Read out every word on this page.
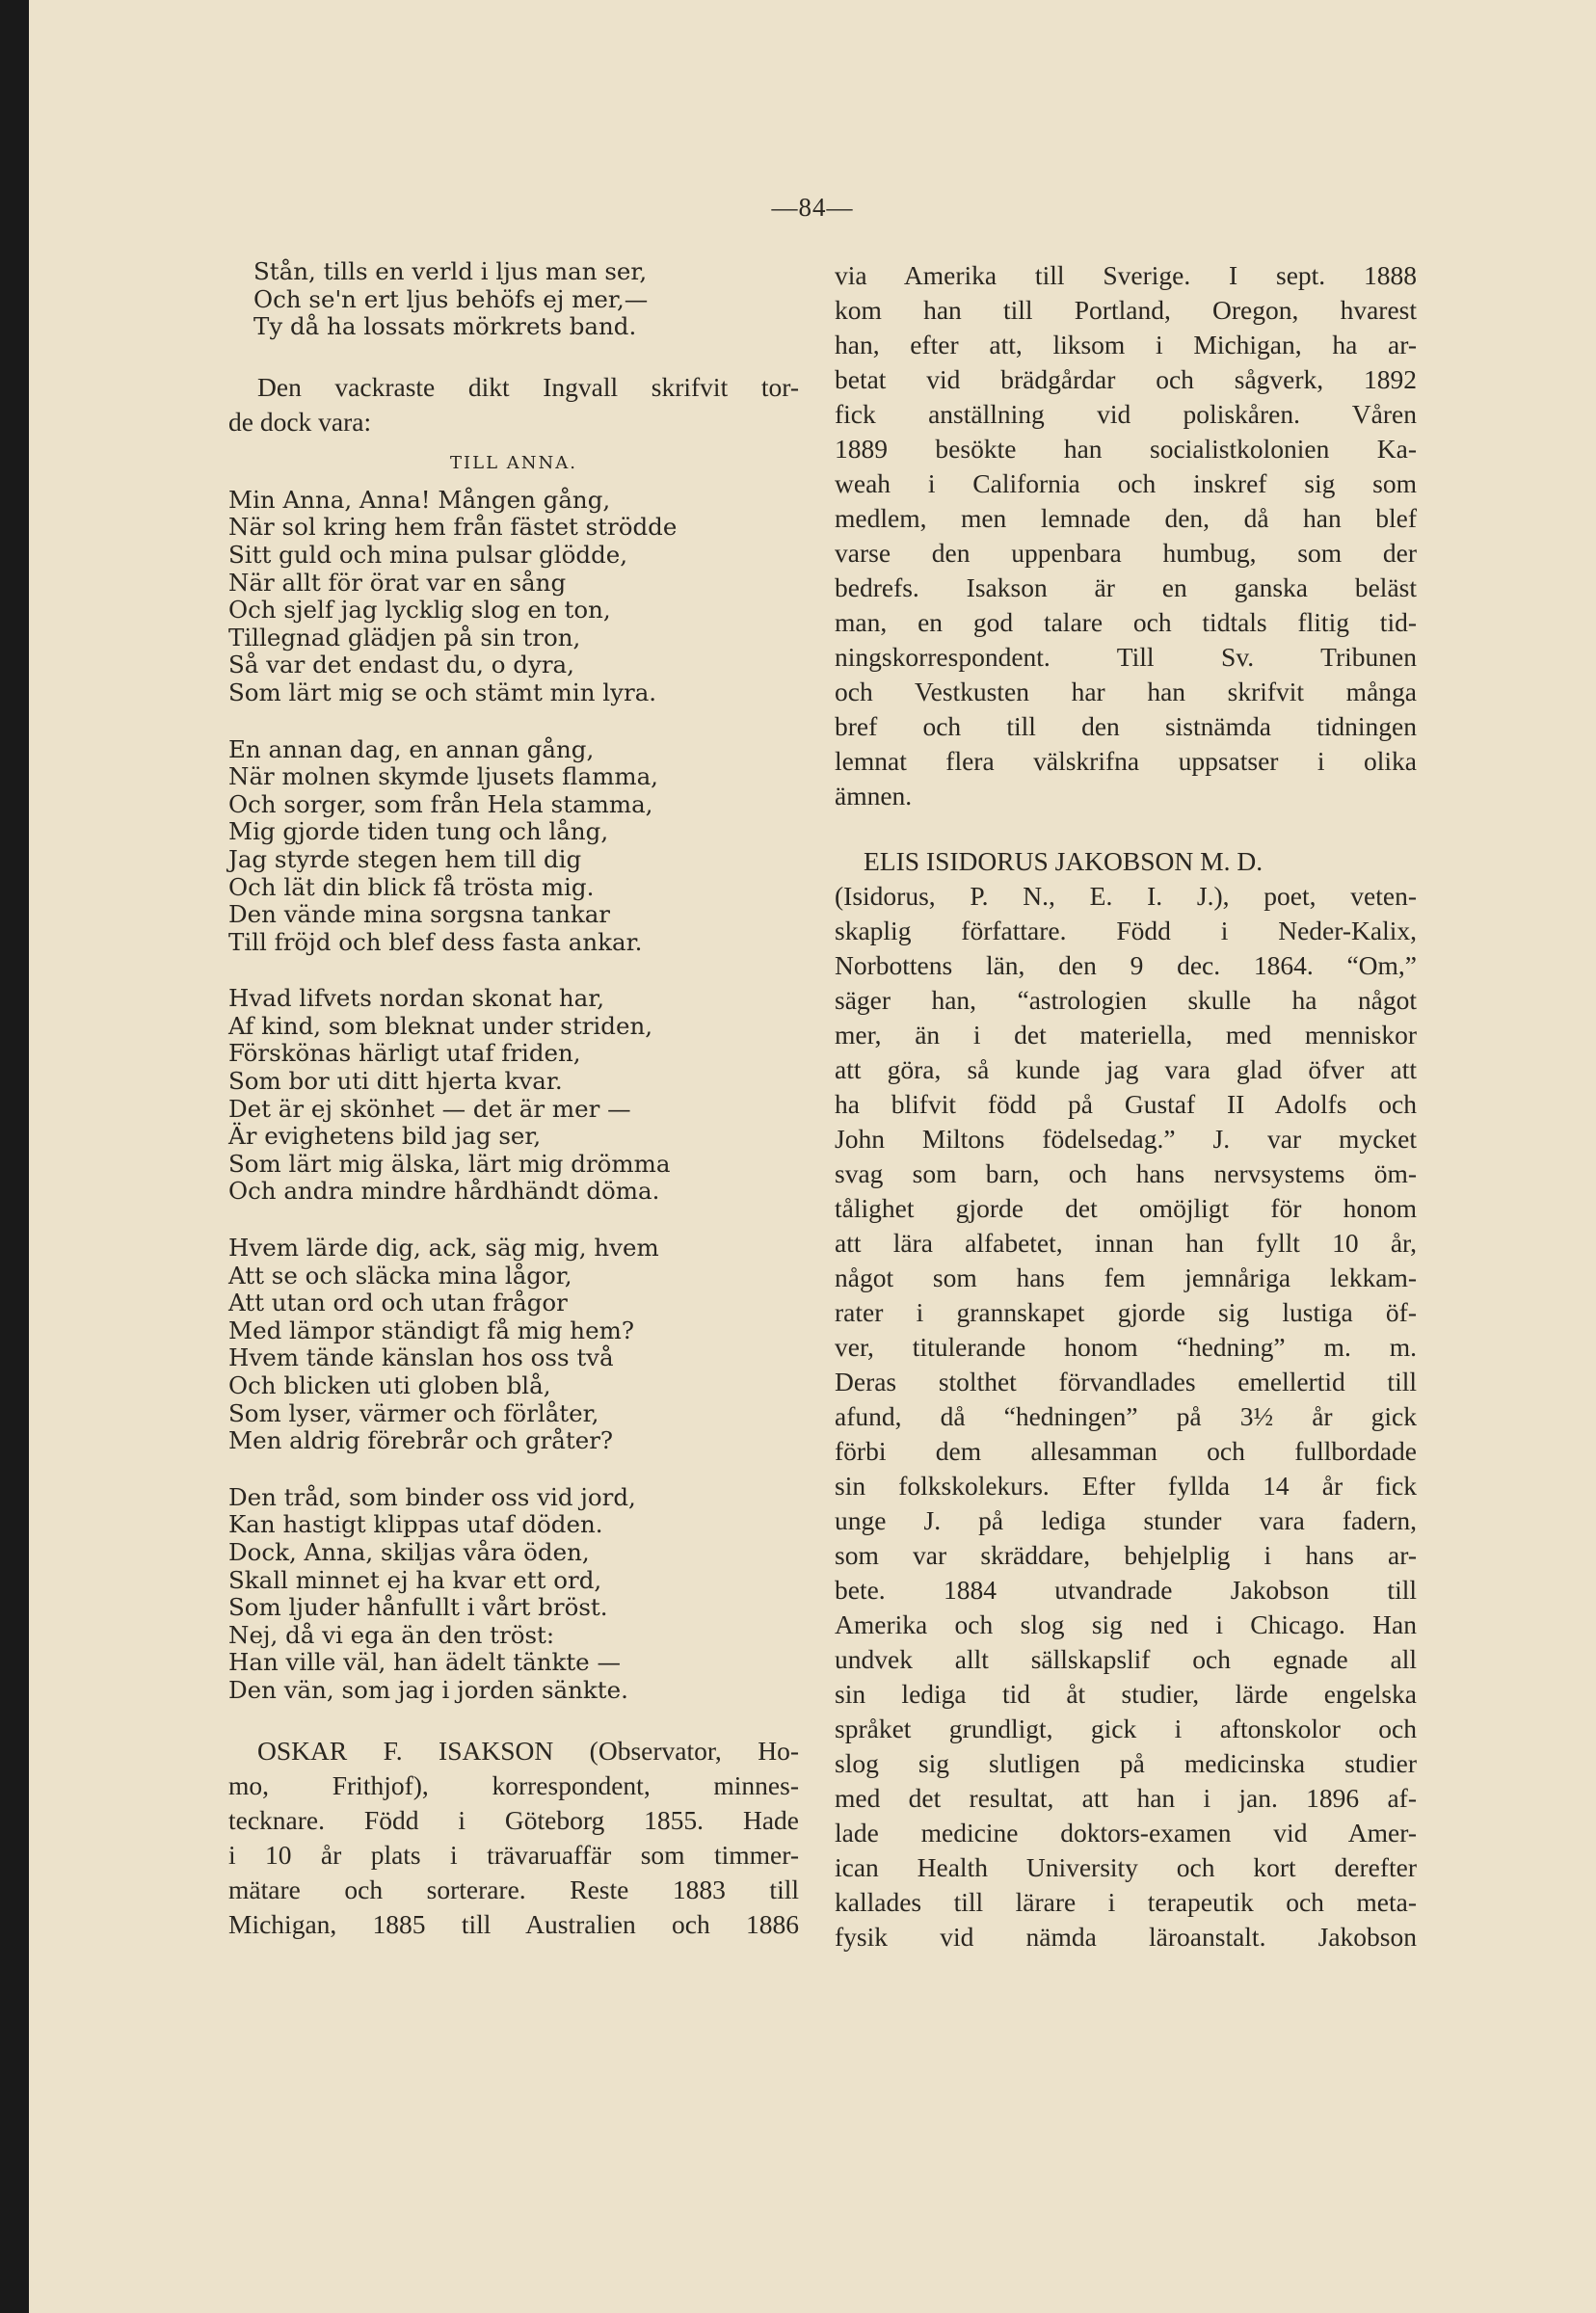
—84—
Stån, tills en verld i ljus man ser,
Och se'n ert ljus behöfs ej mer,—
Ty då ha lossats mörkrets band.
Den vackraste dikt Ingvall skrifvit tor-
de dock vara:
TILL ANNA.
Min Anna, Anna! Mången gång,
När sol kring hem från fästet strödde
Sitt guld och mina pulsar glödde,
När allt för örat var en sång
Och sjelf jag lycklig slog en ton,
Tillegnad glädjen på sin tron,
Så var det endast du, o dyra,
Som lärt mig se och stämt min lyra.
En annan dag, en annan gång,
När molnen skymde ljusets flamma,
Och sorger, som från Hela stamma,
Mig gjorde tiden tung och lång,
Jag styrde stegen hem till dig
Och lät din blick få trösta mig.
Den vände mina sorgsna tankar
Till fröjd och blef dess fasta ankar.
Hvad lifvets nordan skonat har,
Af kind, som bleknat under striden,
Förskönas härligt utaf friden,
Som bor uti ditt hjerta kvar.
Det är ej skönhet — det är mer —
Är evighetens bild jag ser,
Som lärt mig älska, lärt mig drömma
Och andra mindre hårdhändt döma.
Hvem lärde dig, ack, säg mig, hvem
Att se och släcka mina lågor,
Att utan ord och utan frågor
Med lämpor ständigt få mig hem?
Hvem tände känslan hos oss två
Och blicken uti globen blå,
Som lyser, värmer och förlåter,
Men aldrig förebrår och gråter?
Den tråd, som binder oss vid jord,
Kan hastigt klippas utaf döden.
Dock, Anna, skiljas våra öden,
Skall minnet ej ha kvar ett ord,
Som ljuder hånfullt i vårt bröst.
Nej, då vi ega än den tröst:
Han ville väl, han ädelt tänkte —
Den vän, som jag i jorden sänkte.
OSKAR F. ISAKSON (Observator, Ho-
mo, Frithjof), korrespondent, minnes-
tecknare. Född i Göteborg 1855. Hade
i 10 år plats i trävaruaffär som timmer-
mätare och sorterare. Reste 1883 till
Michigan, 1885 till Australien och 1886
via Amerika till Sverige. I sept. 1888
kom han till Portland, Oregon, hvarest
han, efter att, liksom i Michigan, ha ar-
betat vid brädgårdar och sågverk, 1892
fick anställning vid poliskåren. Våren
1889 besökte han socialistkolonien Ka-
weah i California och inskref sig som
medlem, men lemnade den, då han blef
varse den uppenbara humbug, som der
bedrefs. Isakson är en ganska beläst
man, en god talare och tidtals flitig tid-
ningskorrespondent. Till Sv. Tribunen
och Vestkusten har han skrifvit många
bref och till den sistnämda tidningen
lemnat flera välskrifna uppsatser i olika
ämnen.
ELIS ISIDORUS JAKOBSON M. D.
(Isidorus, P. N., E. I. J.), poet, veten-
skaplig författare. Född i Neder-Kalix,
Norbottens län, den 9 dec. 1864. “Om,”
säger han, “astrologien skulle ha något
mer, än i det materiella, med menniskor
att göra, så kunde jag vara glad öfver att
ha blifvit född på Gustaf II Adolfs och
John Miltons födelsedag.” J. var mycket
svag som barn, och hans nervsystems öm-
tålighet gjorde det omöjligt för honom
att lära alfabetet, innan han fyllt 10 år,
något som hans fem jemnåriga lekkam-
rater i grannskapet gjorde sig lustiga öf-
ver, titulerande honom “hedning” m. m.
Deras stolthet förvandlades emellertid till
afund, då “hedningen” på 3½ år gick
förbi dem allesamman och fullbordade
sin folkskolekurs. Efter fyllda 14 år fick
unge J. på lediga stunder vara fadern,
som var skräddare, behjelplig i hans ar-
bete. 1884 utvandrade Jakobson till
Amerika och slog sig ned i Chicago. Han
undvek allt sällskapslif och egnade all
sin lediga tid åt studier, lärde engelska
språket grundligt, gick i aftonskolor och
slog sig slutligen på medicinska studier
med det resultat, att han i jan. 1896 af-
lade medicine doktors-examen vid Amer-
ican Health University och kort derefter
kallades till lärare i terapeutik och meta-
fysik vid nämda läroanstalt. Jakobson
